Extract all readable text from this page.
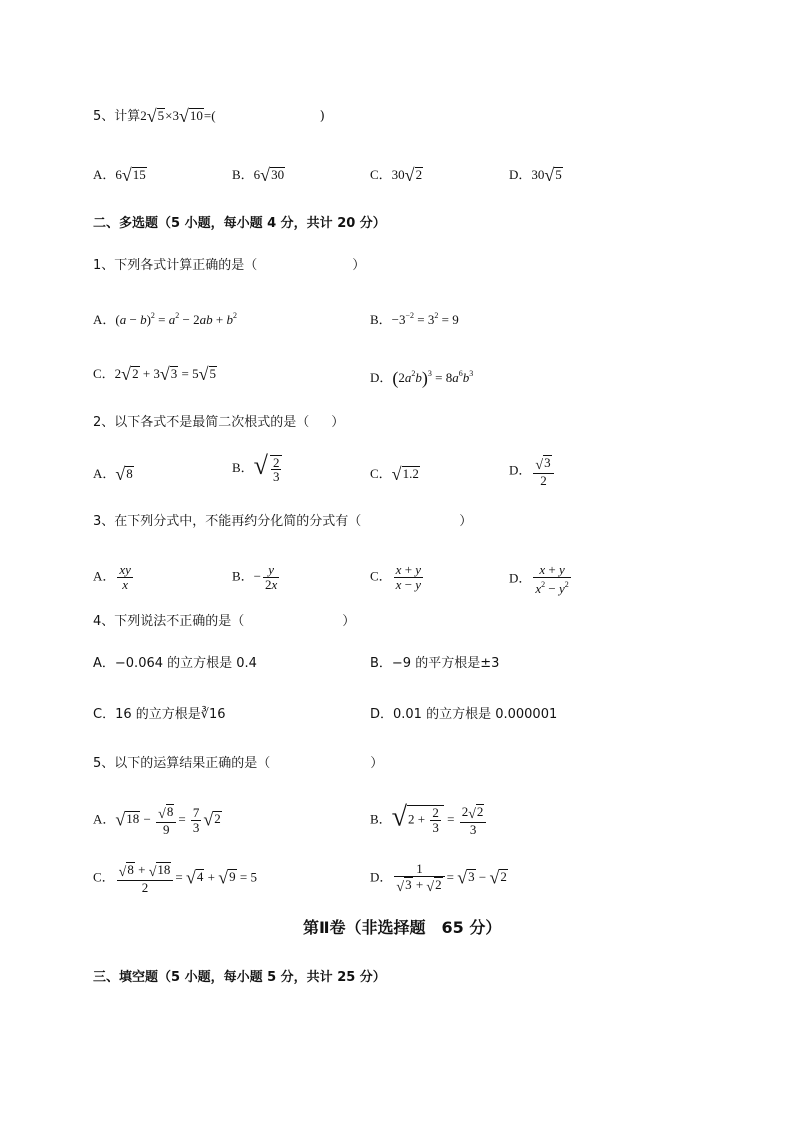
5、计算2√5×3√10=(	)
A．6√15	B．6√30	C．30√2	D．30√5
二、多选题（5 小题，每小题 4 分，共计 20 分）
1、下列各式计算正确的是（	）
A．$(a - b)^2 = a^2 - 2ab + b^2$	B．$-3^{-2} = 3^2 = 9$
C．2√2 + 3√3 = 5√5	D．$(2a^2b)^3 = 8a^6b^3$
2、以下各式不是最简二次根式的是（ ）
A．√8	B．√ $\frac{2}{3}$	C．√1.2	D． $\frac{√3}{2}$
3、在下列分式中，不能再约分化简的分式有（	）
A． $\frac{xy}{x}$	B．− $\frac{y}{2x}$	C． $\frac{x + y}{x - y}$	D． $\frac{x + y}{x^2 - y^2}$
4、下列说法不正确的是（	）
A．−0.064 的立方根是 0.4	B．−9 的平方根是±3
C．16 的立方根是∛16	D．0.01 的立方根是 0.000001
5、以下的运算结果正确的是（	）
A．$√18 - \frac{√8}{9} = \frac{7}{3} √2$	B．$√2 + \frac{2}{3} = \frac{2√2}{3}$
C． $\frac{√8 + √18}{2} = √4 + √9 = 5$	D． $\frac{1}{√3 + √2} = √3 - √2$
第Ⅱ卷（非选择题　65 分）
三、填空题（5 小题，每小题 5 分，共计 25 分）
